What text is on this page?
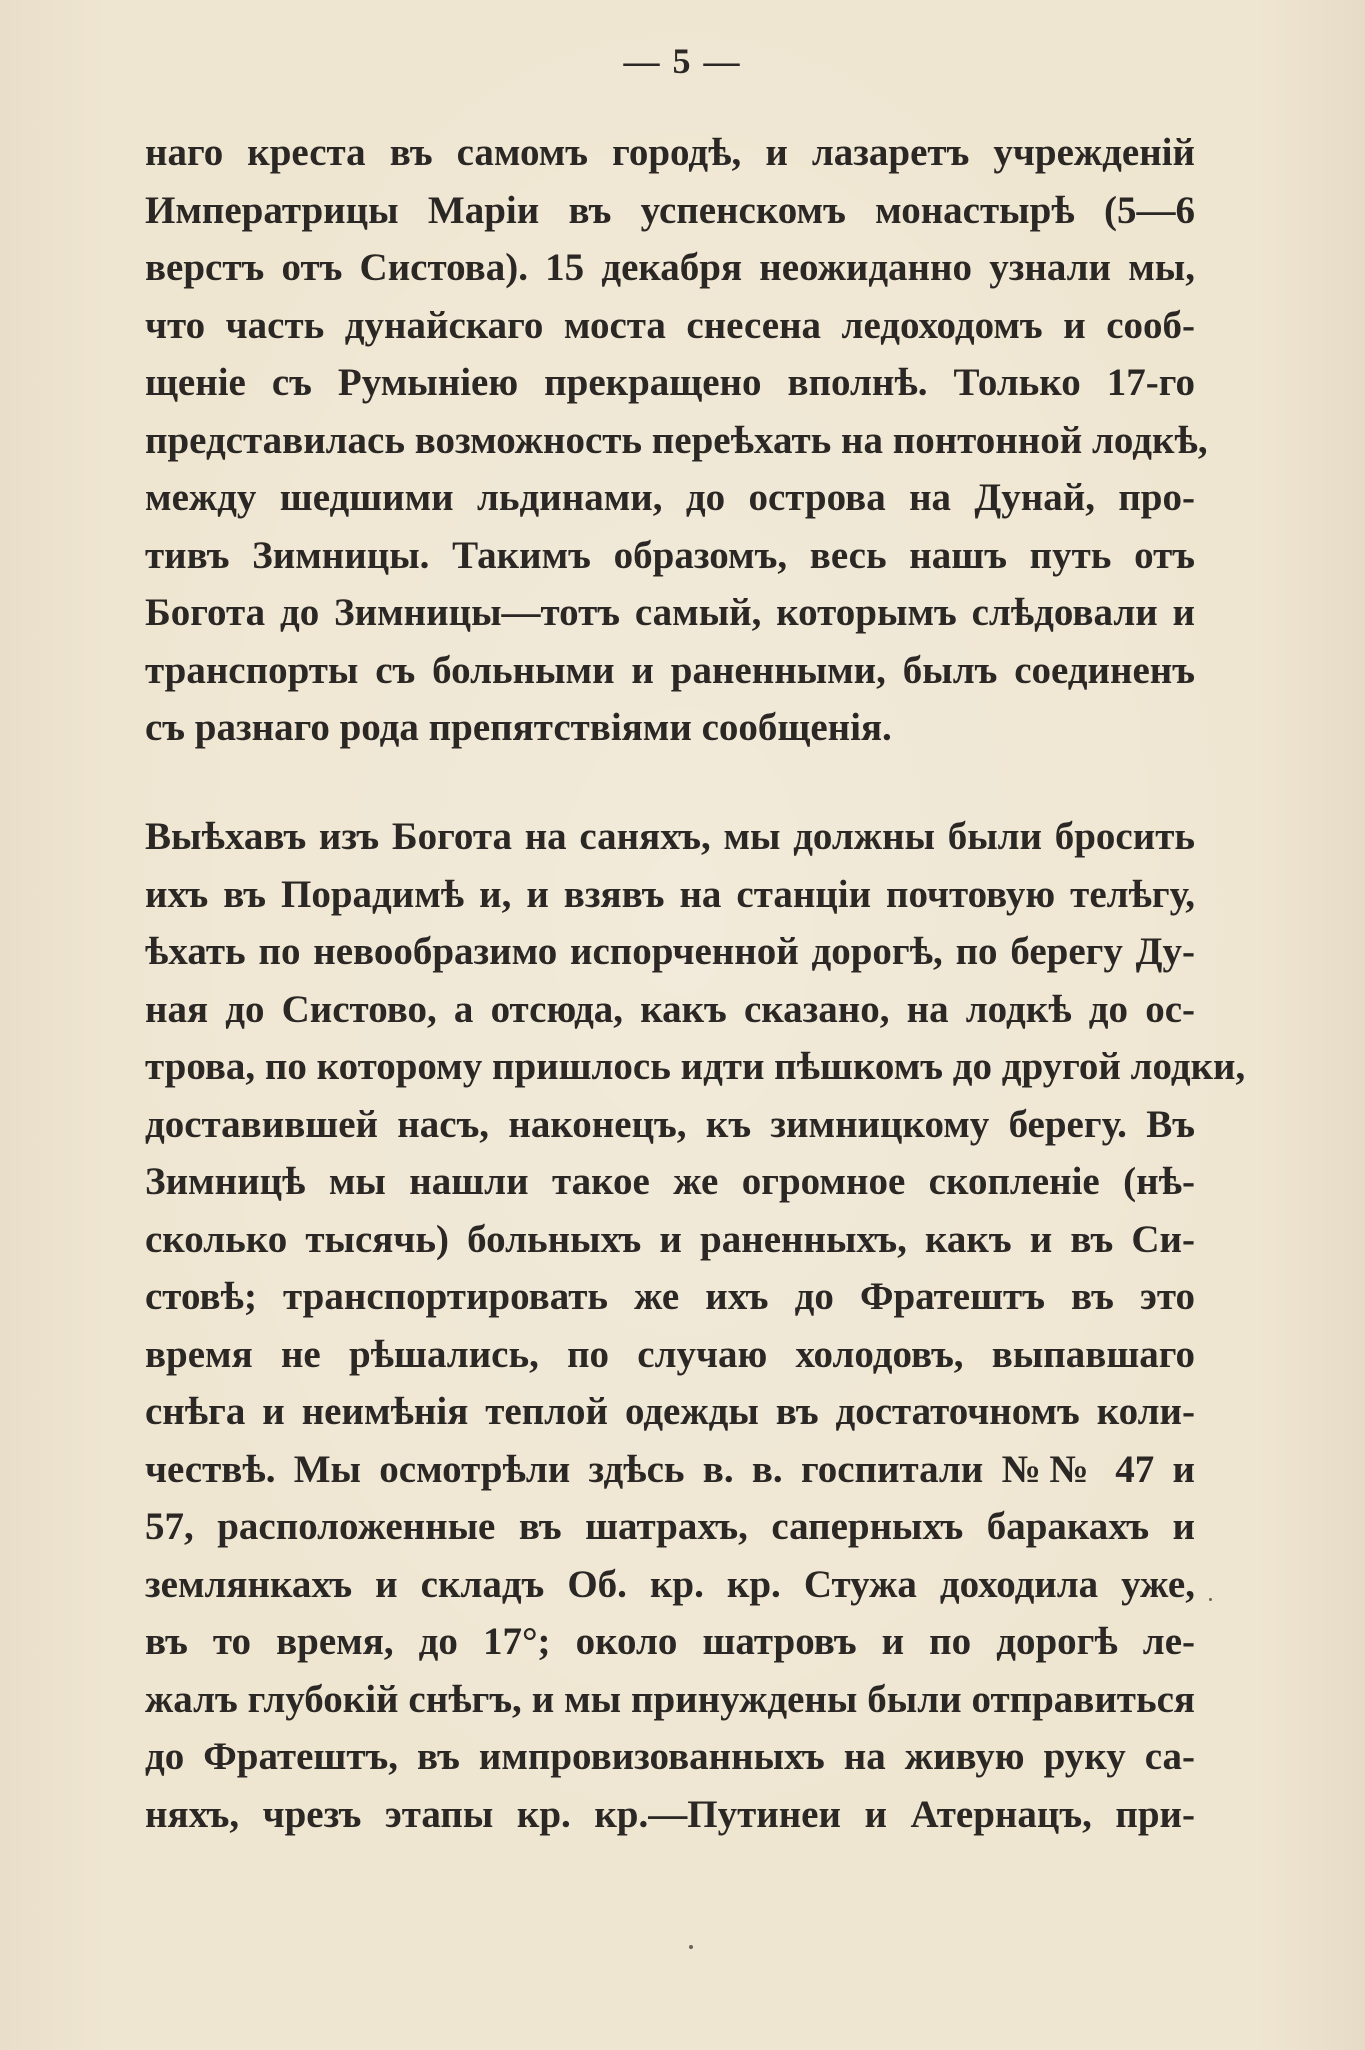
— 5 —
наго креста въ самомъ городѣ, и лазаретъ учрежденій
Императрицы Маріи въ успенскомъ монастырѣ (5—6
верстъ отъ Систова). 15 декабря неожиданно узнали мы,
что часть дунайскаго моста снесена ледоходомъ и сооб-
щеніе съ Румыніею прекращено вполнѣ. Только 17-го
представилась возможность переѣхать на понтонной лодкѣ,
между шедшими льдинами, до острова на Дунай, про-
тивъ Зимницы. Такимъ образомъ, весь нашъ путь отъ
Богота до Зимницы—тотъ самый, которымъ слѣдовали и
транспорты съ больными и раненными, былъ соединенъ
съ разнаго рода препятствіями сообщенія.
Выѣхавъ изъ Богота на саняхъ, мы должны были бросить
ихъ въ Порадимѣ и, и взявъ на станціи почтовую телѣгу,
ѣхать по невообразимо испорченной дорогѣ, по берегу Ду-
ная до Систово, а отсюда, какъ сказано, на лодкѣ до ос-
трова, по которому пришлось идти пѣшкомъ до другой лодки,
доставившей насъ, наконецъ, къ зимницкому берегу. Въ
Зимницѣ мы нашли такое же огромное скопленіе (нѣ-
сколько тысячь) больныхъ и раненныхъ, какъ и въ Си-
стовѣ; транспортировать же ихъ до Фратештъ въ это
время не рѣшались, по случаю холодовъ, выпавшаго
снѣга и неимѣнія теплой одежды въ достаточномъ коли-
чествѣ. Мы осмотрѣли здѣсь в. в. госпитали №№ 47 и
57, расположенные въ шатрахъ, саперныхъ баракахъ и
землянкахъ и складъ Об. кр. кр. Стужа доходила уже,
въ то время, до 17°; около шатровъ и по дорогѣ ле-
жалъ глубокій снѣгъ, и мы принуждены были отправиться
до Фратештъ, въ импровизованныхъ на живую руку са-
няхъ, чрезъ этапы кр. кр.—Путинеи и Атернацъ, при-
